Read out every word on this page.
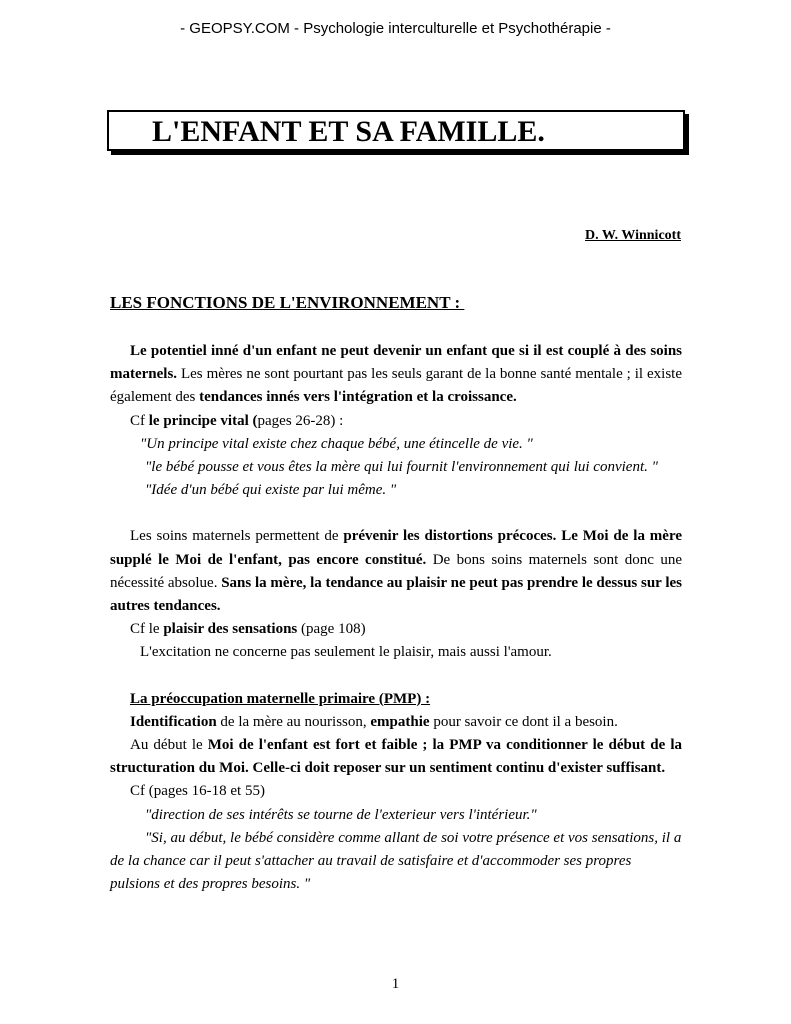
- GEOPSY.COM - Psychologie interculturelle et Psychothérapie -
L'ENFANT ET SA FAMILLE.
D. W. Winnicott
LES FONCTIONS DE L'ENVIRONNEMENT :

Le potentiel inné d'un enfant ne peut devenir un enfant que si il est couplé à des soins maternels. Les mères ne sont pourtant pas les seuls garant de la bonne santé mentale ; il existe également des tendances innés vers l'intégration et la croissance.

Cf le principe vital (pages 26-28) :

"Un principe vital existe chez chaque bébé, une étincelle de vie. "

"le bébé pousse et vous êtes la mère qui lui fournit l'environnement qui lui convient. "

"Idée d'un bébé qui existe par lui même. "

Les soins maternels permettent de prévenir les distortions précoces. Le Moi de la mère supplé le Moi de l'enfant, pas encore constitué. De bons soins maternels sont donc une nécessité absolue. Sans la mère, la tendance au plaisir ne peut pas prendre le dessus sur les autres tendances.

Cf le plaisir des sensations (page 108)

L'excitation ne concerne pas seulement le plaisir, mais aussi l'amour.

La préoccupation maternelle primaire (PMP) :

Identification de la mère au nourisson, empathie pour savoir ce dont il a besoin.

Au début le Moi de l'enfant est fort et faible ; la PMP va conditionner le début de la structuration du Moi. Celle-ci doit reposer sur un sentiment continu d'exister suffisant.

Cf (pages 16-18 et 55)

"direction de ses intérêts se tourne de l'exterieur vers l'intérieur."

"Si, au début, le bébé considère comme allant de soi votre présence et vos sensations, il a de la chance car il peut s'attacher au travail de satisfaire et d'accommoder ses propres pulsions et des propres besoins. "

1
